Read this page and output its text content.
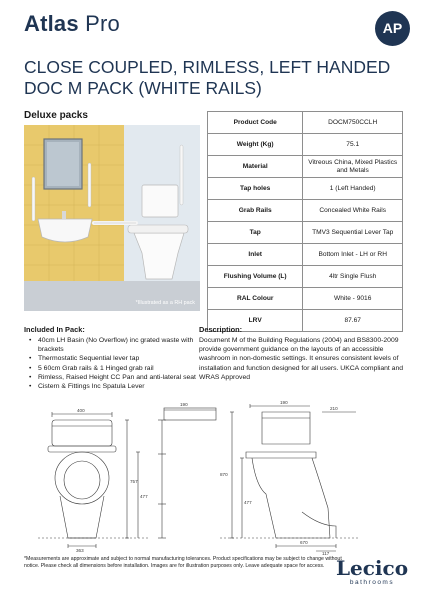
Atlas Pro	AP
CLOSE COUPLED, RIMLESS, LEFT HANDED
DOC M PACK (WHITE RAILS)
Deluxe packs
*Illustrated as a RH pack
Product Code	DOCM750CCLH
Weight (Kg)	75.1
Material	Vitreous China, Mixed Plastics and Metals
Tap holes	1 (Left Handed)
Grab Rails	Concealed White Rails
Tap	TMV3 Sequential Lever Tap
Inlet	Bottom Inlet - LH or RH
Flushing Volume (L)	4ltr Single Flush
RAL Colour	White - 9016
LRV	87.67
Included In Pack:
• 40cm LH Basin (No Overflow) inc grated waste with brackets
• Thermostatic Sequential lever tap
• 5 60cm Grab rails & 1 Hinged grab rail
• Rimless, Raised Height CC Pan and anti-lateral seat
• Cistern & Fittings Inc Spatula Lever
Description:
Document M of the Building Regulations (2004) and BS8300-2009 provide government guidance on the layouts of an accessible washroom in non-domestic settings. It ensures consistent levels of installation and function designed for all users. UKCA compliant and WRAS Approved
400
190	190
210
757
477
870
477
363
670
117
*Measurements are approximate and subject to normal manufacturing tolerances. Product specifications may be subject to change without notice. Please check all dimensions before installation. Images are for illustration purposes only. Leave adequate space for access. Lecico
bathrooms
